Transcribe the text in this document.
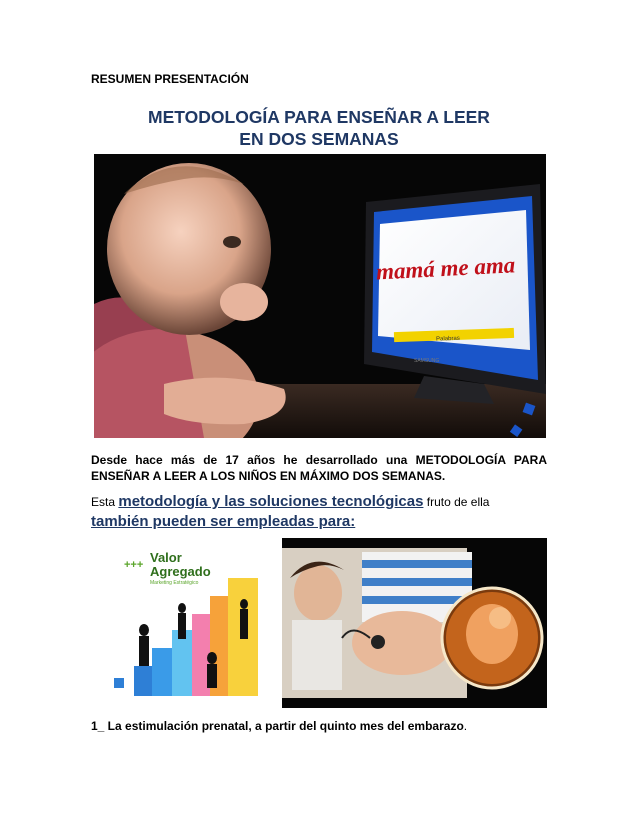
RESUMEN PRESENTACIÓN
METODOLOGÍA PARA ENSEÑAR A LEER
EN DOS SEMANAS
mamá me ama
Palabras
SAMSUNG
Desde hace más de 17 años he desarrollado una METODOLOGÍA PARA ENSEÑAR A LEER A LOS NIÑOS EN MÁXIMO DOS SEMANAS.
Esta metodología y las soluciones tecnológicas fruto de ella también pueden ser empleadas para:
+++ Valor
Agregado
Marketing Estratégico
1_ La estimulación prenatal, a partir del quinto mes del embarazo.
